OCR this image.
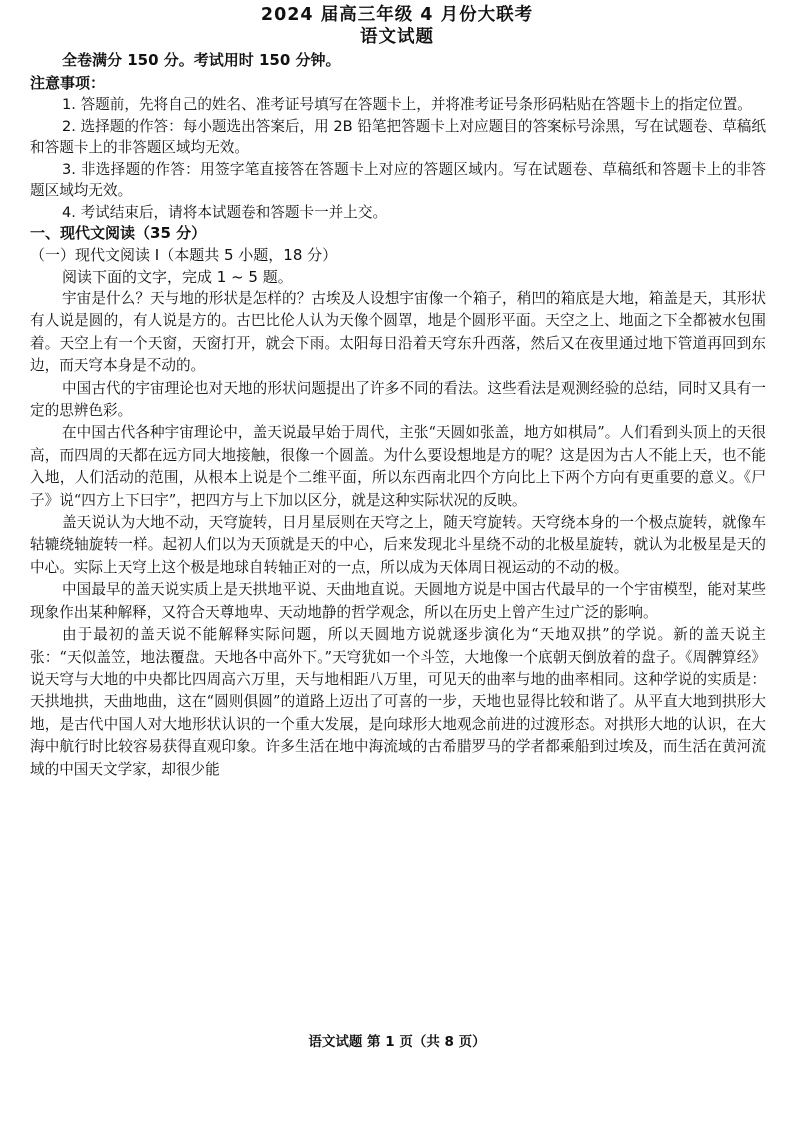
2024 届高三年级 4 月份大联考
语文试题
全卷满分 150 分。考试用时 150 分钟。
注意事项：

1. 答题前，先将自己的姓名、准考证号填写在答题卡上，并将准考证号条形码粘贴在答题卡上的指定位置。

2. 选择题的作答：每小题选出答案后，用 2B 铅笔把答题卡上对应题目的答案标号涂黑，写在试题卷、草稿纸和答题卡上的非答题区域均无效。

3. 非选择题的作答：用签字笔直接答在答题卡上对应的答题区域内。写在试题卷、草稿纸和答题卡上的非答题区域均无效。

4. 考试结束后，请将本试题卷和答题卡一并上交。

一、现代文阅读（35 分）
（一）现代文阅读 Ⅰ（本题共 5 小题，18 分）
阅读下面的文字，完成 1 ~ 5 题。

宇宙是什么？天与地的形状是怎样的？古埃及人设想宇宙像一个箱子，稍凹的箱底是大地，箱盖是天，其形状有人说是圆的，有人说是方的。古巴比伦人认为天像个圆罩，地是个圆形平面。天空之上、地面之下全都被水包围着。天空上有一个天窗，天窗打开，就会下雨。太阳每日沿着天穹东升西落，然后又在夜里通过地下管道再回到东边，而天穹本身是不动的。

中国古代的宇宙理论也对天地的形状问题提出了许多不同的看法。这些看法是观测经验的总结，同时又具有一定的思辨色彩。

在中国古代各种宇宙理论中，盖天说最早始于周代，主张“天圆如张盖，地方如棋局”。人们看到头顶上的天很高，而四周的天都在远方同大地接触，很像一个圆盖。为什么要设想地是方的呢？这是因为古人不能上天，也不能入地，人们活动的范围，从根本上说是个二维平面，所以东西南北四个方向比上下两个方向有更重要的意义。《尸子》说“四方上下曰宇”，把四方与上下加以区分，就是这种实际状况的反映。

盖天说认为大地不动，天穹旋转，日月星辰则在天穹之上，随天穹旋转。天穹绕本身的一个极点旋转，就像车轱辘绕轴旋转一样。起初人们以为天顶就是天的中心，后来发现北斗星绕不动的北极星旋转，就认为北极星是天的中心。实际上天穹上这个极是地球自转轴正对的一点，所以成为天体周日视运动的不动的极。

中国最早的盖天说实质上是天拱地平说、天曲地直说。天圆地方说是中国古代最早的一个宇宙模型，能对某些现象作出某种解释，又符合天尊地卑、天动地静的哲学观念，所以在历史上曾产生过广泛的影响。

由于最初的盖天说不能解释实际问题，所以天圆地方说就逐步演化为“天地双拱”的学说。新的盖天说主张：“天似盖笠，地法覆盘。天地各中高外下。”天穹犹如一个斗笠，大地像一个底朝天倒放着的盘子。《周髀算经》说天穹与大地的中央都比四周高六万里，天与地相距八万里，可见天的曲率与地的曲率相同。这种学说的实质是：天拱地拱，天曲地曲，这在“圆则俱圆”的道路上迈出了可喜的一步，天地也显得比较和谐了。从平直大地到拱形大地，是古代中国人对大地形状认识的一个重大发展，是向球形大地观念前进的过渡形态。对拱形大地的认识，在大海中航行时比较容易获得直观印象。许多生活在地中海流域的古希腊罗马的学者都乘船到过埃及，而生活在黄河流域的中国天文学家，却很少能

语文试题 第 1 页（共 8 页）
